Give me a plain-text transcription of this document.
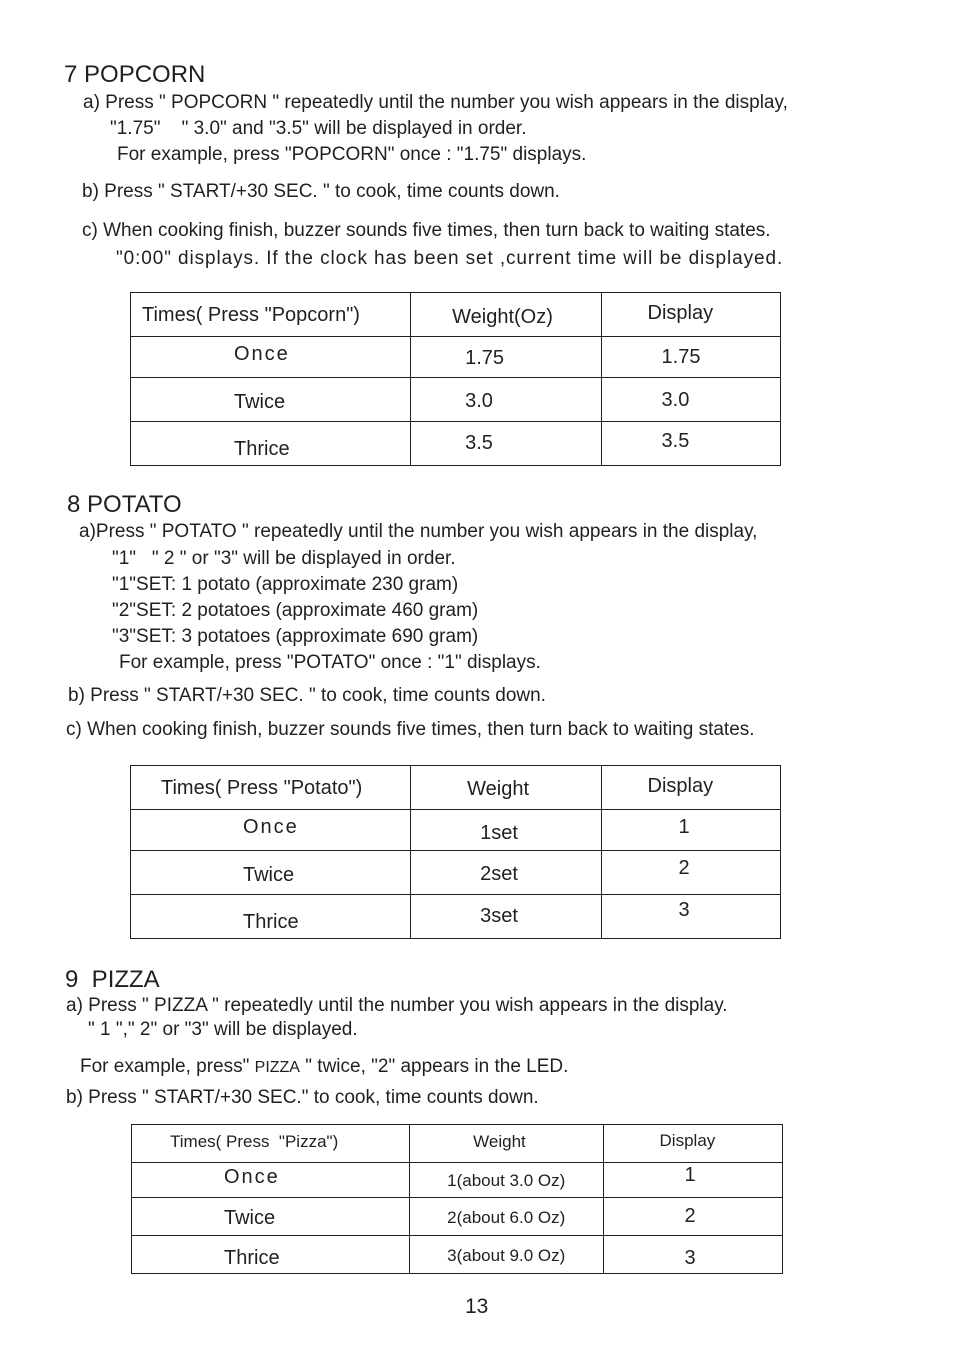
7 POPCORN
a) Press " POPCORN " repeatedly until the number you wish appears in the display,
"1.75"    " 3.0" and "3.5" will be displayed in order.
For example, press "POPCORN" once : "1.75" displays.
b) Press " START/+30 SEC. " to cook, time counts down.
c) When cooking finish, buzzer sounds five times, then turn back to waiting states.
"0:00" displays. If the clock has been set ,current time will be displayed.
Times( Press "Popcorn")	Weight(Oz)	Display

Once	1.75	1.75

Twice	3.0	3.0

Thrice	3.5	3.5
8 POTATO
a)Press " POTATO " repeatedly until the number you wish appears in the display,
"1"   " 2 " or "3" will be displayed in order.
"1"SET: 1 potato (approximate 230 gram)
"2"SET: 2 potatoes (approximate 460 gram)
"3"SET: 3 potatoes (approximate 690 gram)
For example, press "POTATO" once : "1" displays.
b) Press " START/+30 SEC. " to cook, time counts down.
c) When cooking finish, buzzer sounds five times, then turn back to waiting states.
Times( Press "Potato")	Weight	Display

Once	1set	1

Twice	2set	2

Thrice	3set	3
9  PIZZA
a) Press " PIZZA " repeatedly until the number you wish appears in the display.
" 1 "," 2" or "3" will be displayed.
For example, press" PIZZA " twice, "2" appears in the LED.
b) Press " START/+30 SEC." to cook, time counts down.
Times( Press  "Pizza")	Weight	Display

Once	1(about 3.0 Oz)	1

Twice	2(about 6.0 Oz)	2

Thrice	3(about 9.0 Oz)	3
13
